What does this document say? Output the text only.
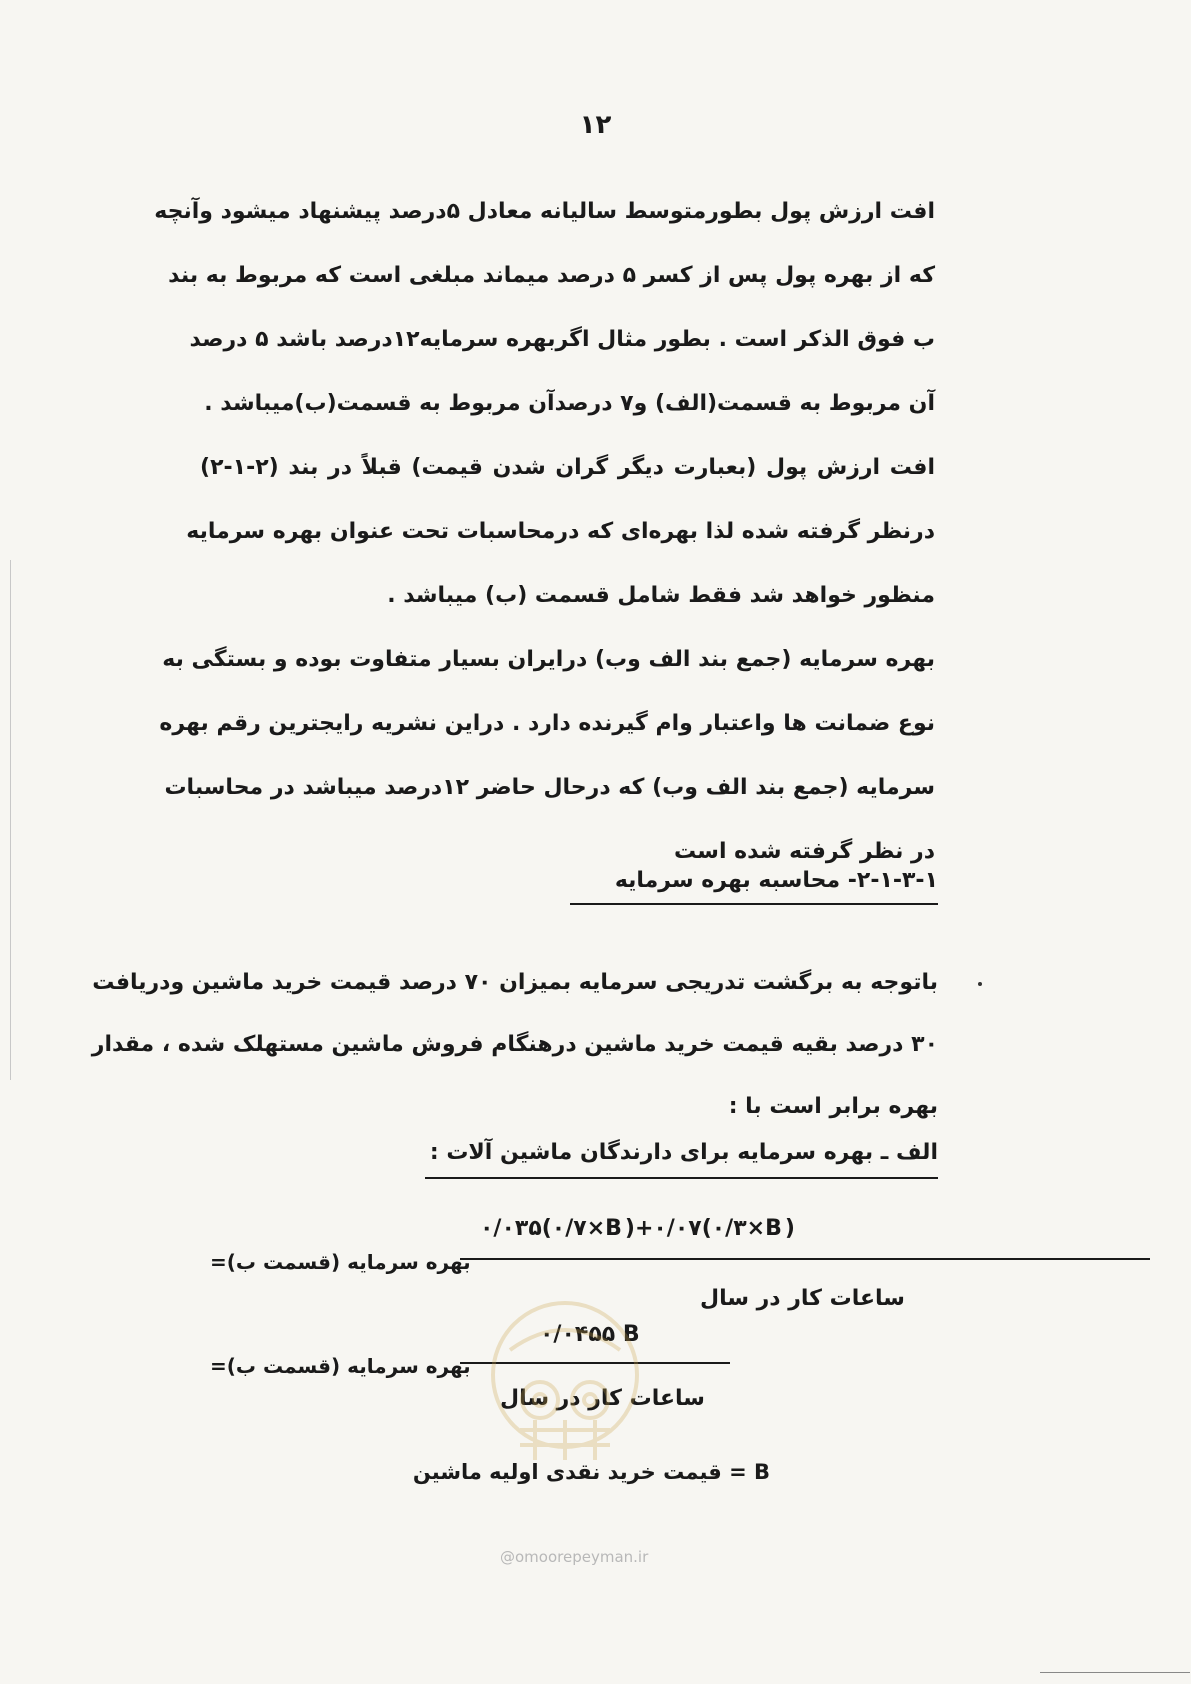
۱۲
افت ارزش پول بطورمتوسط سالیانه معادل ۵درصد پیشنهاد میشود وآنچه
که از بهره پول پس از کسر ۵ درصد میماند مبلغی است که مربوط به بند
ب فوق الذکر است . بطور مثال اگربهره سرمایه۱۲درصد باشد ۵ درصد
آن مربوط به قسمت(الف) و۷ درصدآن مربوط به قسمت(ب)میباشد .
افت ارزش پول (بعبارت دیگر گران شدن قیمت) قبلاً در بند (۲-۱-۲)
درنظر گرفته شده لذا بهره‌ای که درمحاسبات تحت عنوان بهره سرمایه
منظور خواهد شد فقط شامل قسمت (ب) میباشد .
بهره سرمایه (جمع بند الف وب) درایران بسیار متفاوت بوده و بستگی به
نوع ضمانت ها واعتبار وام گیرنده دارد . دراین نشریه رایجترین رقم بهره
سرمایه (جمع بند الف وب) که درحال حاضر ۱۲درصد میباشد در محاسبات
در نظر گرفته شده است
۲-۱-۳-۱- محاسبه بهره سرمایه
باتوجه به برگشت تدریجی سرمایه بمیزان ۷۰ درصد قیمت خرید ماشین ودریافت
۳۰ درصد بقیه قیمت خرید ماشین درهنگام فروش ماشین مستهلک شده ، مقدار
بهره برابر است با :
الف ـ بهره سرمایه برای دارندگان ماشین آلات :
۰/۰۳۵(۰/۷×B)+۰/۰۷(۰/۳×B)
ساعات کار در سال
بهره سرمایه (قسمت ب)=
۰/۰۴۵۵ B
ساعات کار در سال
بهره سرمایه (قسمت ب)=
B = قیمت خرید نقدی اولیه ماشین
@omoorepeyman.ir
